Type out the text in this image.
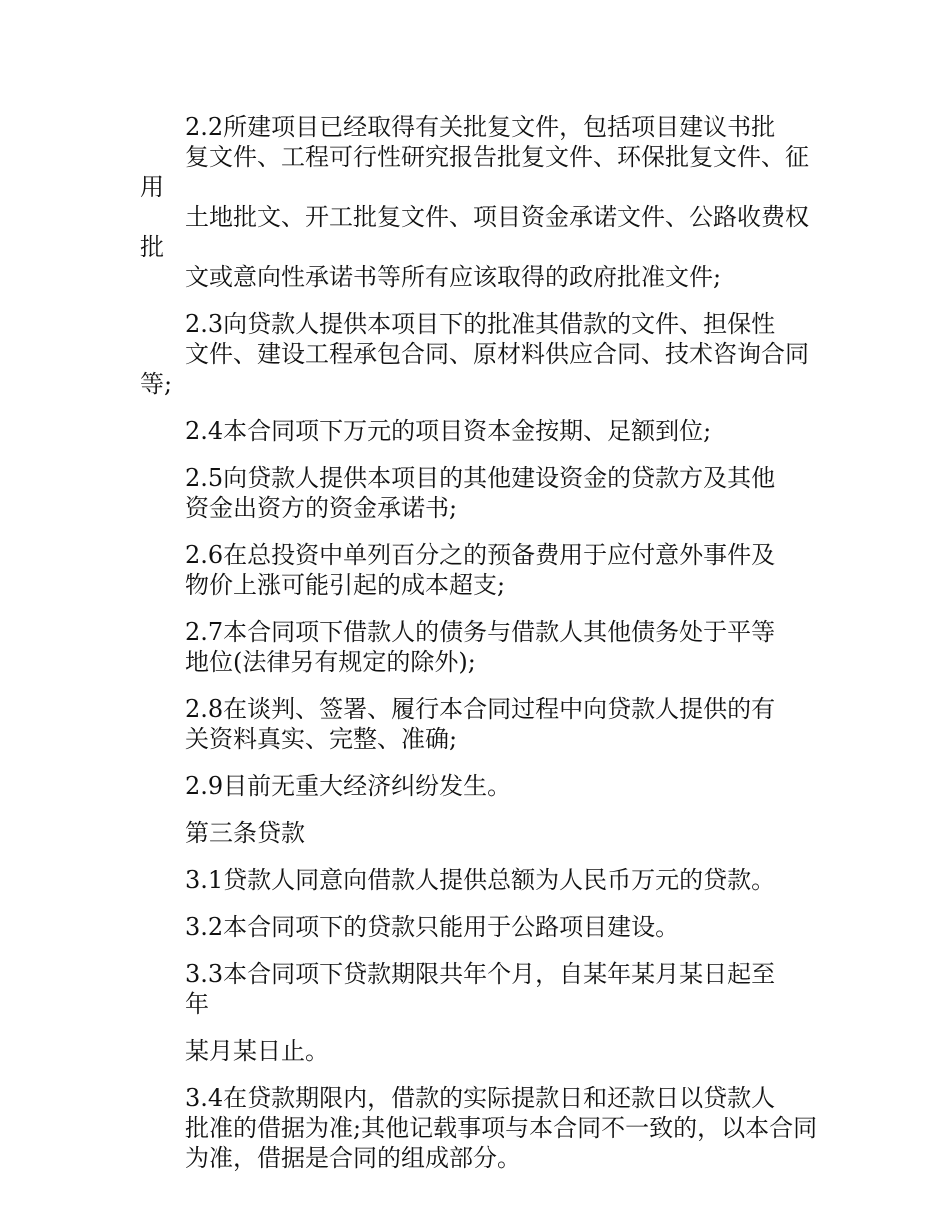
2.2所建项目已经取得有关批复文件，包括项目建议书批
复文件、工程可行性研究报告批复文件、环保批复文件、征用
土地批文、开工批复文件、项目资金承诺文件、公路收费权批
文或意向性承诺书等所有应该取得的政府批准文件;

2.3向贷款人提供本项目下的批准其借款的文件、担保性
文件、建设工程承包合同、原材料供应合同、技术咨询合同等;

2.4本合同项下万元的项目资本金按期、足额到位;

2.5向贷款人提供本项目的其他建设资金的贷款方及其他
资金出资方的资金承诺书;

2.6在总投资中单列百分之的预备费用于应付意外事件及
物价上涨可能引起的成本超支;

2.7本合同项下借款人的债务与借款人其他债务处于平等
地位(法律另有规定的除外);

2.8在谈判、签署、履行本合同过程中向贷款人提供的有
关资料真实、完整、准确;

2.9目前无重大经济纠纷发生。

第三条贷款

3.1贷款人同意向借款人提供总额为人民币万元的贷款。

3.2本合同项下的贷款只能用于公路项目建设。

3.3本合同项下贷款期限共年个月，自某年某月某日起至
年

某月某日止。

3.4在贷款期限内，借款的实际提款日和还款日以贷款人
批准的借据为准;其他记载事项与本合同不一致的，以本合同
为准，借据是合同的组成部分。
